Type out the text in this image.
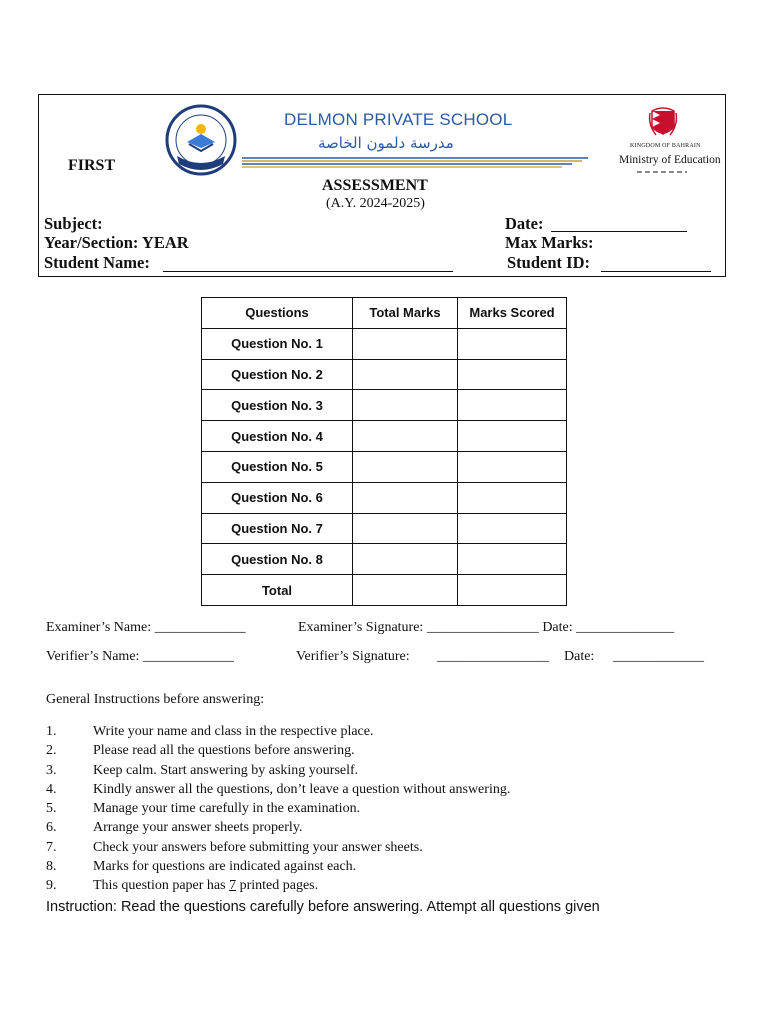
DELMON PRIVATE SCHOOL
مدرسة دلمون الخاصة	KINGDOM OF BAHRAIN
Ministry of Education
FIRST
ASSESSMENT
(A.Y. 2024-2025)
Subject:	Date:
Year/Section: YEAR	Max Marks:
Student Name:	Student ID:
Questions	Total Marks	Marks Scored
Question No. 1		
Question No. 2		
Question No. 3		
Question No. 4		
Question No. 5		
Question No. 6		
Question No. 7		
Question No. 8		
Total		
Examiner’s Name: _____________	Examiner’s Signature: ________________ Date: ______________
Verifier’s Name: _____________	Verifier’s Signature: ________________ Date: _____________
General Instructions before answering:
1.	Write your name and class in the respective place.
2.	Please read all the questions before answering.
3.	Keep calm. Start answering by asking yourself.
4.	Kindly answer all the questions, don’t leave a question without answering.
5.	Manage your time carefully in the examination.
6.	Arrange your answer sheets properly.
7.	Check your answers before submitting your answer sheets.
8.	Marks for questions are indicated against each.
9.	This question paper has 7 printed pages.
Instruction: Read the questions carefully before answering. Attempt all questions given
